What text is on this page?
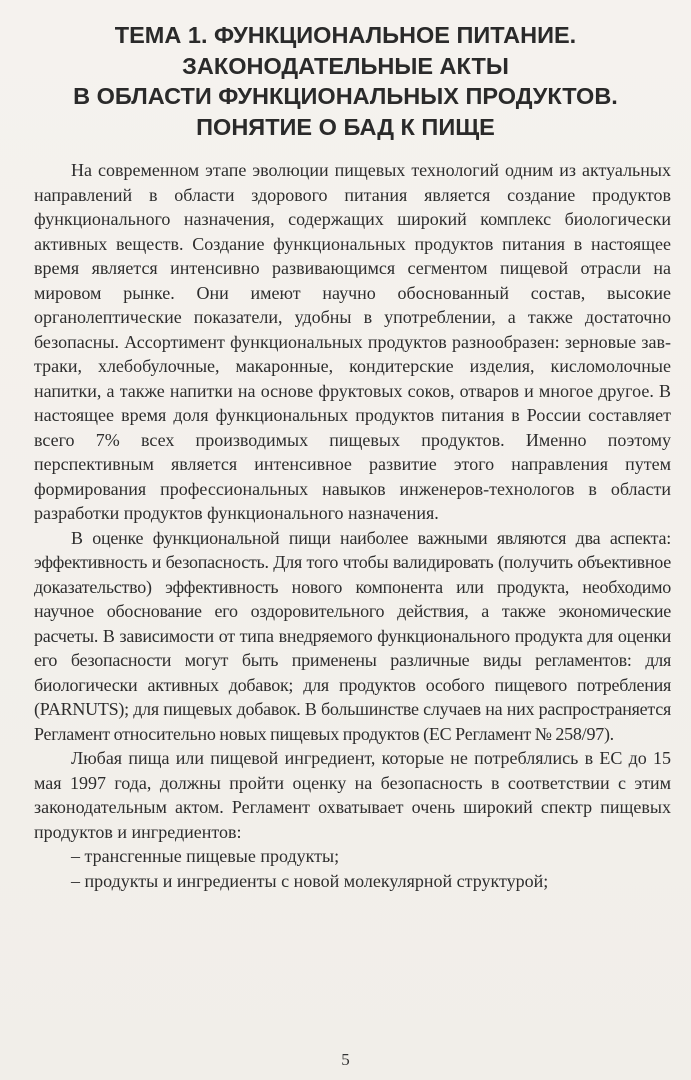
ТЕМА 1. ФУНКЦИОНАЛЬНОЕ ПИТАНИЕ.
ЗАКОНОДАТЕЛЬНЫЕ АКТЫ
В ОБЛАСТИ ФУНКЦИОНАЛЬНЫХ ПРОДУКТОВ.
ПОНЯТИЕ О БАД К ПИЩЕ

На современном этапе эволюции пищевых технологий одним из актуальных направлений в области здорового питания является создание продуктов функционального назначения, содержащих широкий комплекс биологически активных веществ. Создание функциональных продуктов питания в настоящее время является интенсивно развивающимся сегментом пищевой отрасли на мировом рынке. Они имеют научно обоснованный состав, высокие органолептические показатели, удобны в употреблении, а также достаточно безопасны. Ассортимент функциональных продуктов разнообразен: зерновые завтраки, хлебобулочные, макаронные, кондитерские изделия, кисломолочные напитки, а также напитки на основе фруктовых соков, отваров и многое другое. В настоящее время доля функциональных продуктов питания в России составляет всего 7% всех производимых пищевых продуктов. Именно поэтому перспективным является интенсивное развитие этого направления путем формирования профессиональных навыков инженеров-технологов в области разработки продуктов функционального назначения.

В оценке функциональной пищи наиболее важными являются два аспекта: эффективность и безопасность. Для того чтобы валидировать (получить объективное доказательство) эффективность нового компонента или продукта, необходимо научное обоснование его оздоровительного действия, а также экономические расчеты. В зависимости от типа внедряемого функционального продукта для оценки его безопасности могут быть применены различные виды регламентов: для биологически активных добавок; для продуктов особого пищевого потребления (PARNUTS); для пищевых добавок. В большинстве случаев на них распространяется Регламент относительно новых пищевых продуктов (ЕС Регламент № 258/97).

Любая пища или пищевой ингредиент, которые не потреблялись в ЕС до 15 мая 1997 года, должны пройти оценку на безопасность в соответствии с этим законодательным актом. Регламент охватывает очень широкий спектр пищевых продуктов и ингредиентов:

– трансгенные пищевые продукты;
– продукты и ингредиенты с новой молекулярной структурой;
5
